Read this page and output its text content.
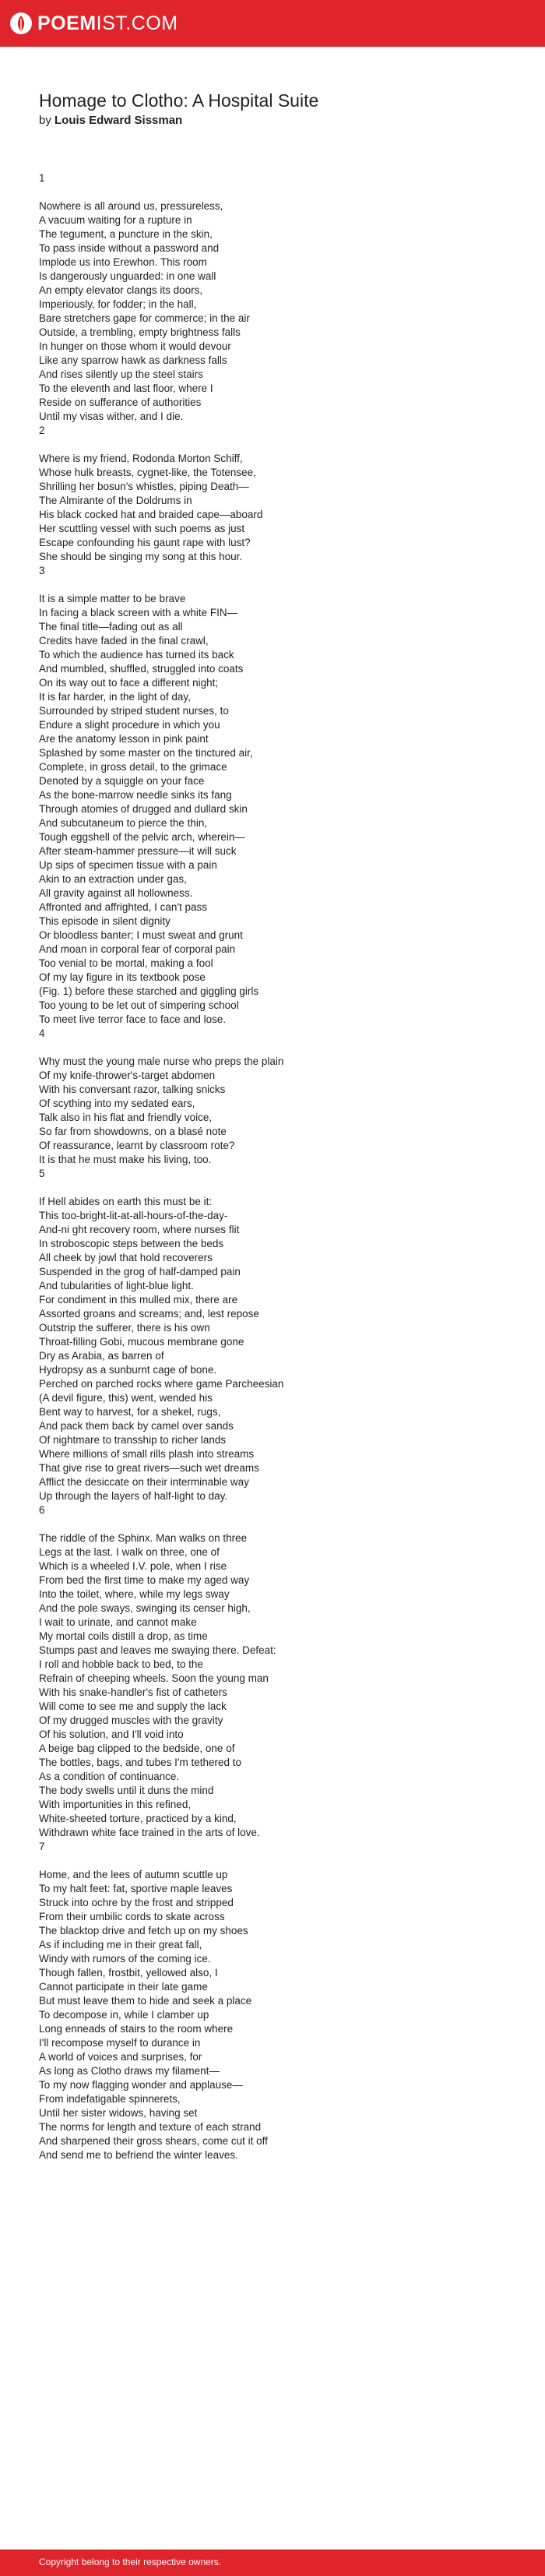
POEMIST.COM
Homage to Clotho: A Hospital Suite
by Louis Edward Sissman
1
Nowhere is all around us, pressureless,
A vacuum waiting for a rupture in
The tegument, a puncture in the skin,
To pass inside without a password and
Implode us into Erewhon. This room
Is dangerously unguarded: in one wall
An empty elevator clangs its doors,
Imperiously, for fodder; in the hall,
Bare stretchers gape for commerce; in the air
Outside, a trembling, empty brightness falls
In hunger on those whom it would devour
Like any sparrow hawk as darkness falls
And rises silently up the steel stairs
To the eleventh and last floor, where I
Reside on sufferance of authorities
Until my visas wither, and I die.
2
Where is my friend, Rodonda Morton Schiff,
Whose hulk breasts, cygnet-like, the Totensee,
Shrilling her bosun's whistles, piping Death—
The Almirante of the Doldrums in
His black cocked hat and braided cape—aboard
Her scuttling vessel with such poems as just
Escape confounding his gaunt rape with lust?
She should be singing my song at this hour.
3
It is a simple matter to be brave
In facing a black screen with a white FIN—
The final title—fading out as all
Credits have faded in the final crawl,
To which the audience has turned its back
And mumbled, shuffled, struggled into coats
On its way out to face a different night;
It is far harder, in the light of day,
Surrounded by striped student nurses, to
Endure a slight procedure in which you
Are the anatomy lesson in pink paint
Splashed by some master on the tinctured air,
Complete, in gross detail, to the grimace
Denoted by a squiggle on your face
As the bone-marrow needle sinks its fang
Through atomies of drugged and dullard skin
And subcutaneum to pierce the thin,
Tough eggshell of the pelvic arch, wherein—
After steam-hammer pressure—it will suck
Up sips of specimen tissue with a pain
Akin to an extraction under gas,
All gravity against all hollowness.
Affronted and affrighted, I can't pass
This episode in silent dignity
Or bloodless banter; I must sweat and grunt
And moan in corporal fear of corporal pain
Too venial to be mortal, making a fool
Of my lay figure in its textbook pose
(Fig. 1) before these starched and giggling girls
Too young to be let out of simpering school
To meet live terror face to face and lose.
4
Why must the young male nurse who preps the plain
Of my knife-thrower's-target abdomen
With his conversant razor, talking snicks
Of scything into my sedated ears,
Talk also in his flat and friendly voice,
So far from showdowns, on a blasé note
Of reassurance, learnt by classroom rote?
It is that he must make his living, too.
5
If Hell abides on earth this must be it:
This too-bright-lit-at-all-hours-of-the-day-
And-ni ght recovery room, where nurses flit
In stroboscopic steps between the beds
All cheek by jowl that hold recoverers
Suspended in the grog of half-damped pain
And tubularities of light-blue light.
For condiment in this mulled mix, there are
Assorted groans and screams; and, lest repose
Outstrip the sufferer, there is his own
Throat-filling Gobi, mucous membrane gone
Dry as Arabia, as barren of
Hydropsy as a sunburnt cage of bone.
Perched on parched rocks where game Parcheesian
(A devil figure, this) went, wended his
Bent way to harvest, for a shekel, rugs,
And pack them back by camel over sands
Of nightmare to transship to richer lands
Where millions of small rills plash into streams
That give rise to great rivers—such wet dreams
Afflict the desiccate on their interminable way
Up through the layers of half-light to day.
6
The riddle of the Sphinx. Man walks on three
Legs at the last. I walk on three, one of
Which is a wheeled I.V. pole, when I rise
From bed the first time to make my aged way
Into the toilet, where, while my legs sway
And the pole sways, swinging its censer high,
I wait to urinate, and cannot make
My mortal coils distill a drop, as time
Stumps past and leaves me swaying there. Defeat:
I roll and hobble back to bed, to the
Refrain of cheeping wheels. Soon the young man
With his snake-handler's fist of catheters
Will come to see me and supply the lack
Of my drugged muscles with the gravity
Of his solution, and I'll void into
A beige bag clipped to the bedside, one of
The bottles, bags, and tubes I'm tethered to
As a condition of continuance.
The body swells until it duns the mind
With importunities in this refined,
White-sheeted torture, practiced by a kind,
Withdrawn white face trained in the arts of love.
7
Home, and the lees of autumn scuttle up
To my halt feet: fat, sportive maple leaves
Struck into ochre by the frost and stripped
From their umbilic cords to skate across
The blacktop drive and fetch up on my shoes
As if including me in their great fall,
Windy with rumors of the coming ice.
Though fallen, frostbit, yellowed also, I
Cannot participate in their late game
But must leave them to hide and seek a place
To decompose in, while I clamber up
Long enneads of stairs to the room where
I'll recompose myself to durance in
A world of voices and surprises, for
As long as Clotho draws my filament—
To my now flagging wonder and applause—
From indefatigable spinnerets,
Until her sister widows, having set
The norms for length and texture of each strand
And sharpened their gross shears, come cut it off
And send me to befriend the winter leaves.
Copyright belong to their respective owners.
